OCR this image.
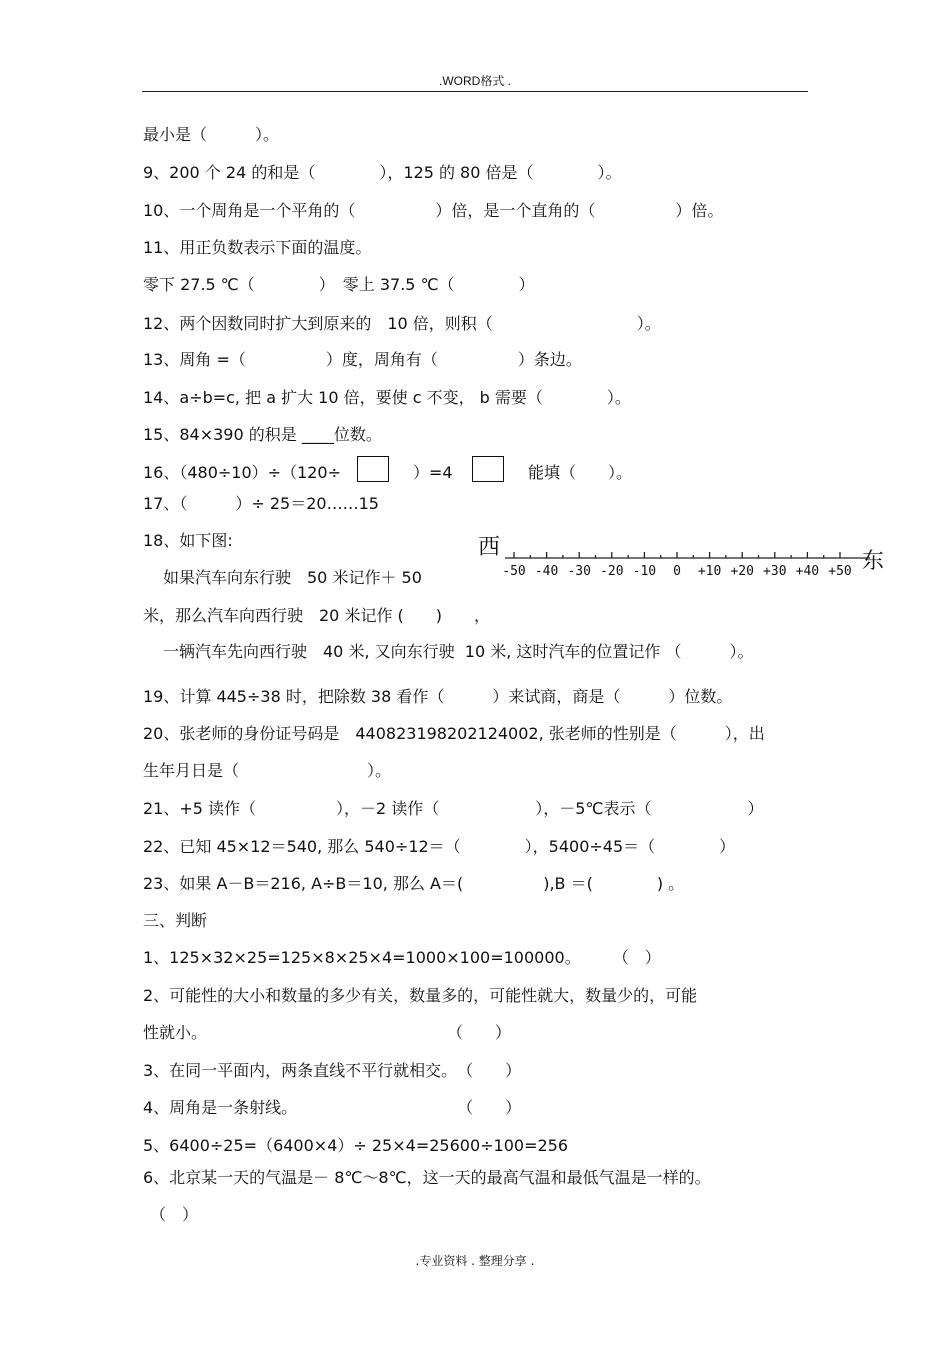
.WORD格式 .
最小是（　　　）。
9、200 个 24 的和是（　　　　），125 的 80 倍是（　　　　）。
10、一个周角是一个平角的（　　　　　）倍，是一个直角的（　　　　　）倍。
11、用正负数表示下面的温度。
零下 27.5 ℃（　　　　）　零上 37.5 ℃（　　　　）
12、两个因数同时扩大到原来的　10 倍，则积（　　　　　　　　　）。
13、周角 =（　　　　　）度，周角有（　　　　　）条边。
14、a÷b=c, 把 a 扩大 10 倍，要使 c 不变， b 需要（　　　　）。
15、84×390 的积是 ____位数。
16、（480÷10）÷（120÷	）=4	能填（　　）。
17、（　　　）÷ 25＝20……15
18、如下图:
如果汽车向东行驶　50 米记作＋ 50
米，那么汽车向西行驶　20 米记作 (　　)　　，
一辆汽车先向西行驶　40 米, 又向东行驶  10 米, 这时汽车的位置记作 （　　　）。
19、计算 445÷38 时，把除数 38 看作（　　　）来试商，商是（　　　）位数。
20、张老师的身份证号码是　440823198202124002, 张老师的性别是（　　　），出
生年月日是（　　　　　　　　）。
21、+5 读作（　　　　　），－2 读作（　　　　　　），－5℃表示（　　　　　　）
22、已知 45×12＝540, 那么 540÷12＝（　　　　），5400÷45＝（　　　　）
23、如果 A－B＝216, A÷B＝10, 那么 A＝(　　　　　),B ＝(　　　　) 。
三、判断
1、125×32×25=125×8×25×4=1000×100=100000。　　　（　）
2、可能性的大小和数量的多少有关，数量多的，可能性就大，数量少的，可能
性就小。　　　　　　　　　　　　　　　　（　　）
3、在同一平面内，两条直线不平行就相交。　（　　）
4、周角是一条射线。　　　　　　　　　　　（　　）
5、6400÷25=（6400×4）÷ 25×4=25600÷100=256
6、北京某一天的气温是－ 8℃～8℃，这一天的最高气温和最低气温是一样的。
（　）
西
东
-50 -40 -30 -20 -10 0 +10 +20 +30 +40 +50
.专业资料 . 整理分享 .
